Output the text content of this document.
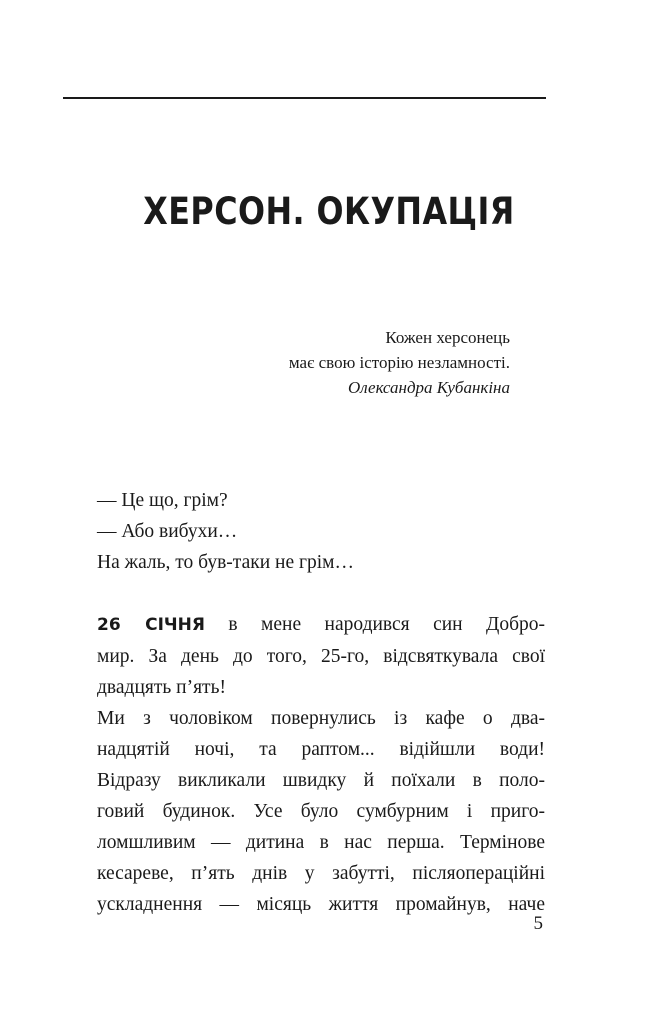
ХЕРСОН. ОКУПАЦІЯ
Кожен херсонець
має свою історію незламності.
Олександра Кубанкіна
— Це що, грім?
— Або вибухи…
На жаль, то був-таки не грім…
26 СІЧНЯ в мене народився син Добро-
мир. За день до того, 25-го, відсвяткувала свої
двадцять п’ять!
Ми з чоловіком повернулись із кафе о два-
надцятій ночі, та раптом... відійшли води!
Відразу викликали швидку й поїхали в поло-
говий будинок. Усе було сумбурним і приго-
ломшливим — дитина в нас перша. Термінове
кесареве, п’ять днів у забутті, післяопераційні
ускладнення — місяць життя промайнув, наче
5
